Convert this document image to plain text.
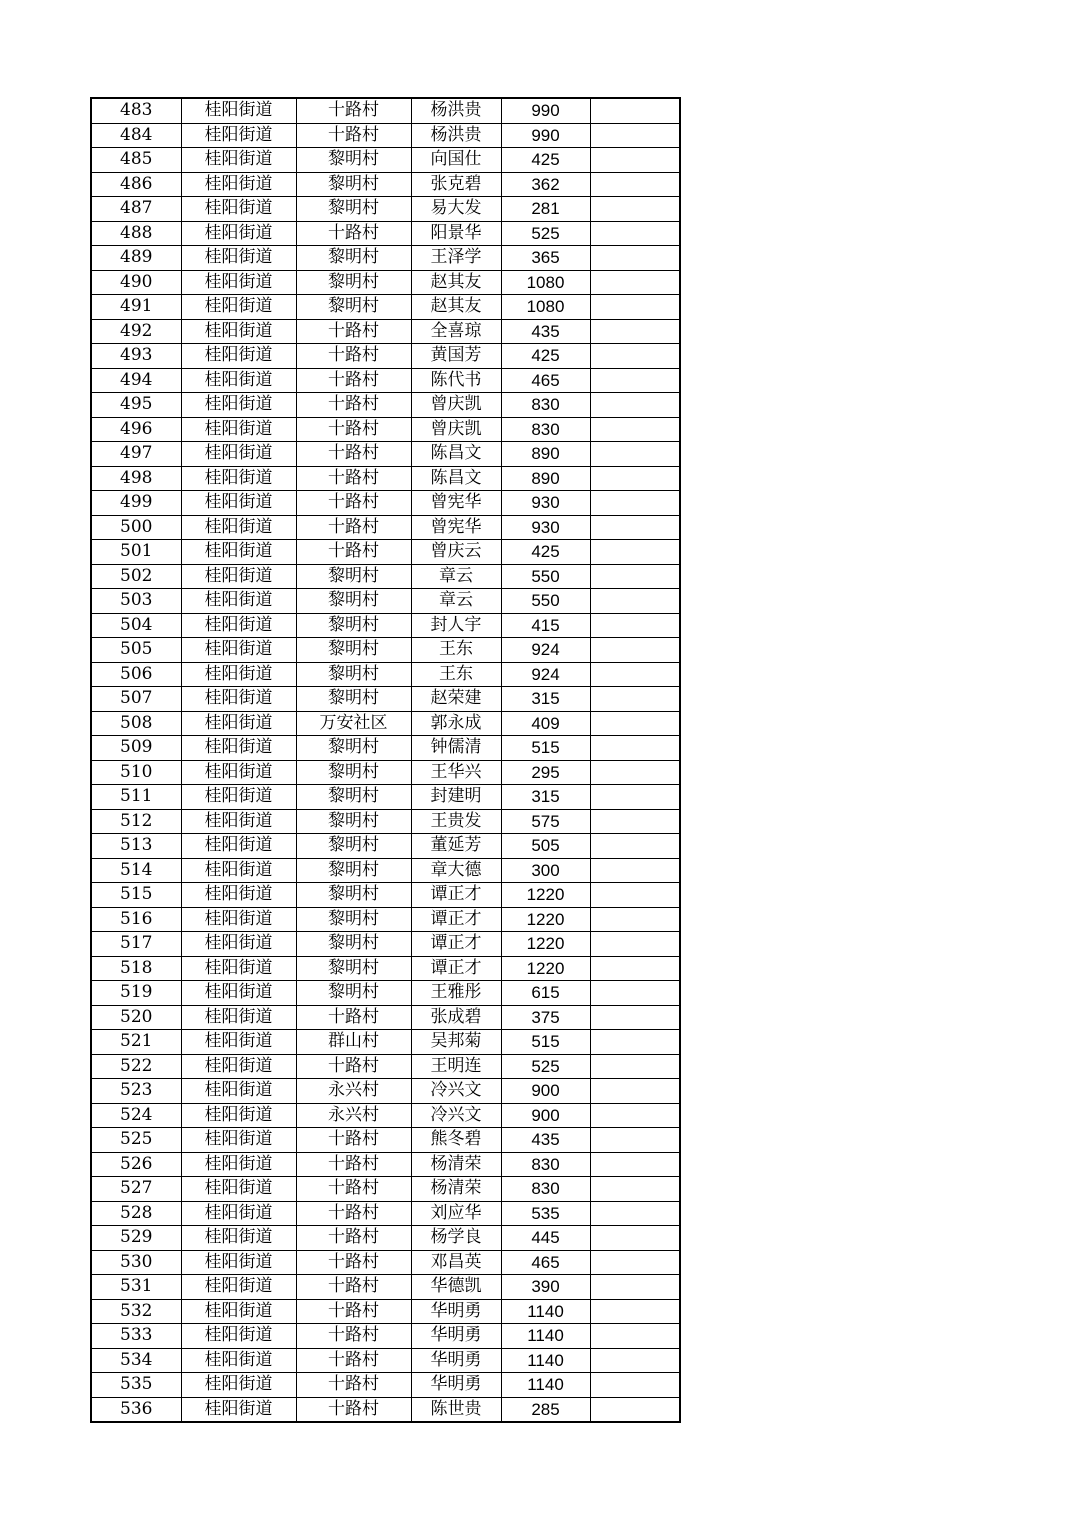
483	桂阳街道	十路村	杨洪贵	990	
484	桂阳街道	十路村	杨洪贵	990	
485	桂阳街道	黎明村	向国仕	425	
486	桂阳街道	黎明村	张克碧	362	
487	桂阳街道	黎明村	易大发	281	
488	桂阳街道	十路村	阳景华	525	
489	桂阳街道	黎明村	王泽学	365	
490	桂阳街道	黎明村	赵其友	1080	
491	桂阳街道	黎明村	赵其友	1080	
492	桂阳街道	十路村	全喜琼	435	
493	桂阳街道	十路村	黄国芳	425	
494	桂阳街道	十路村	陈代书	465	
495	桂阳街道	十路村	曾庆凯	830	
496	桂阳街道	十路村	曾庆凯	830	
497	桂阳街道	十路村	陈昌文	890	
498	桂阳街道	十路村	陈昌文	890	
499	桂阳街道	十路村	曾宪华	930	
500	桂阳街道	十路村	曾宪华	930	
501	桂阳街道	十路村	曾庆云	425	
502	桂阳街道	黎明村	章云	550	
503	桂阳街道	黎明村	章云	550	
504	桂阳街道	黎明村	封人宇	415	
505	桂阳街道	黎明村	王东	924	
506	桂阳街道	黎明村	王东	924	
507	桂阳街道	黎明村	赵荣建	315	
508	桂阳街道	万安社区	郭永成	409	
509	桂阳街道	黎明村	钟儒清	515	
510	桂阳街道	黎明村	王华兴	295	
511	桂阳街道	黎明村	封建明	315	
512	桂阳街道	黎明村	王贵发	575	
513	桂阳街道	黎明村	董延芳	505	
514	桂阳街道	黎明村	章大德	300	
515	桂阳街道	黎明村	谭正才	1220	
516	桂阳街道	黎明村	谭正才	1220	
517	桂阳街道	黎明村	谭正才	1220	
518	桂阳街道	黎明村	谭正才	1220	
519	桂阳街道	黎明村	王雅彤	615	
520	桂阳街道	十路村	张成碧	375	
521	桂阳街道	群山村	吴邦菊	515	
522	桂阳街道	十路村	王明连	525	
523	桂阳街道	永兴村	冷兴文	900	
524	桂阳街道	永兴村	冷兴文	900	
525	桂阳街道	十路村	熊冬碧	435	
526	桂阳街道	十路村	杨清荣	830	
527	桂阳街道	十路村	杨清荣	830	
528	桂阳街道	十路村	刘应华	535	
529	桂阳街道	十路村	杨学良	445	
530	桂阳街道	十路村	邓昌英	465	
531	桂阳街道	十路村	华德凯	390	
532	桂阳街道	十路村	华明勇	1140	
533	桂阳街道	十路村	华明勇	1140	
534	桂阳街道	十路村	华明勇	1140	
535	桂阳街道	十路村	华明勇	1140	
536	桂阳街道	十路村	陈世贵	285	
